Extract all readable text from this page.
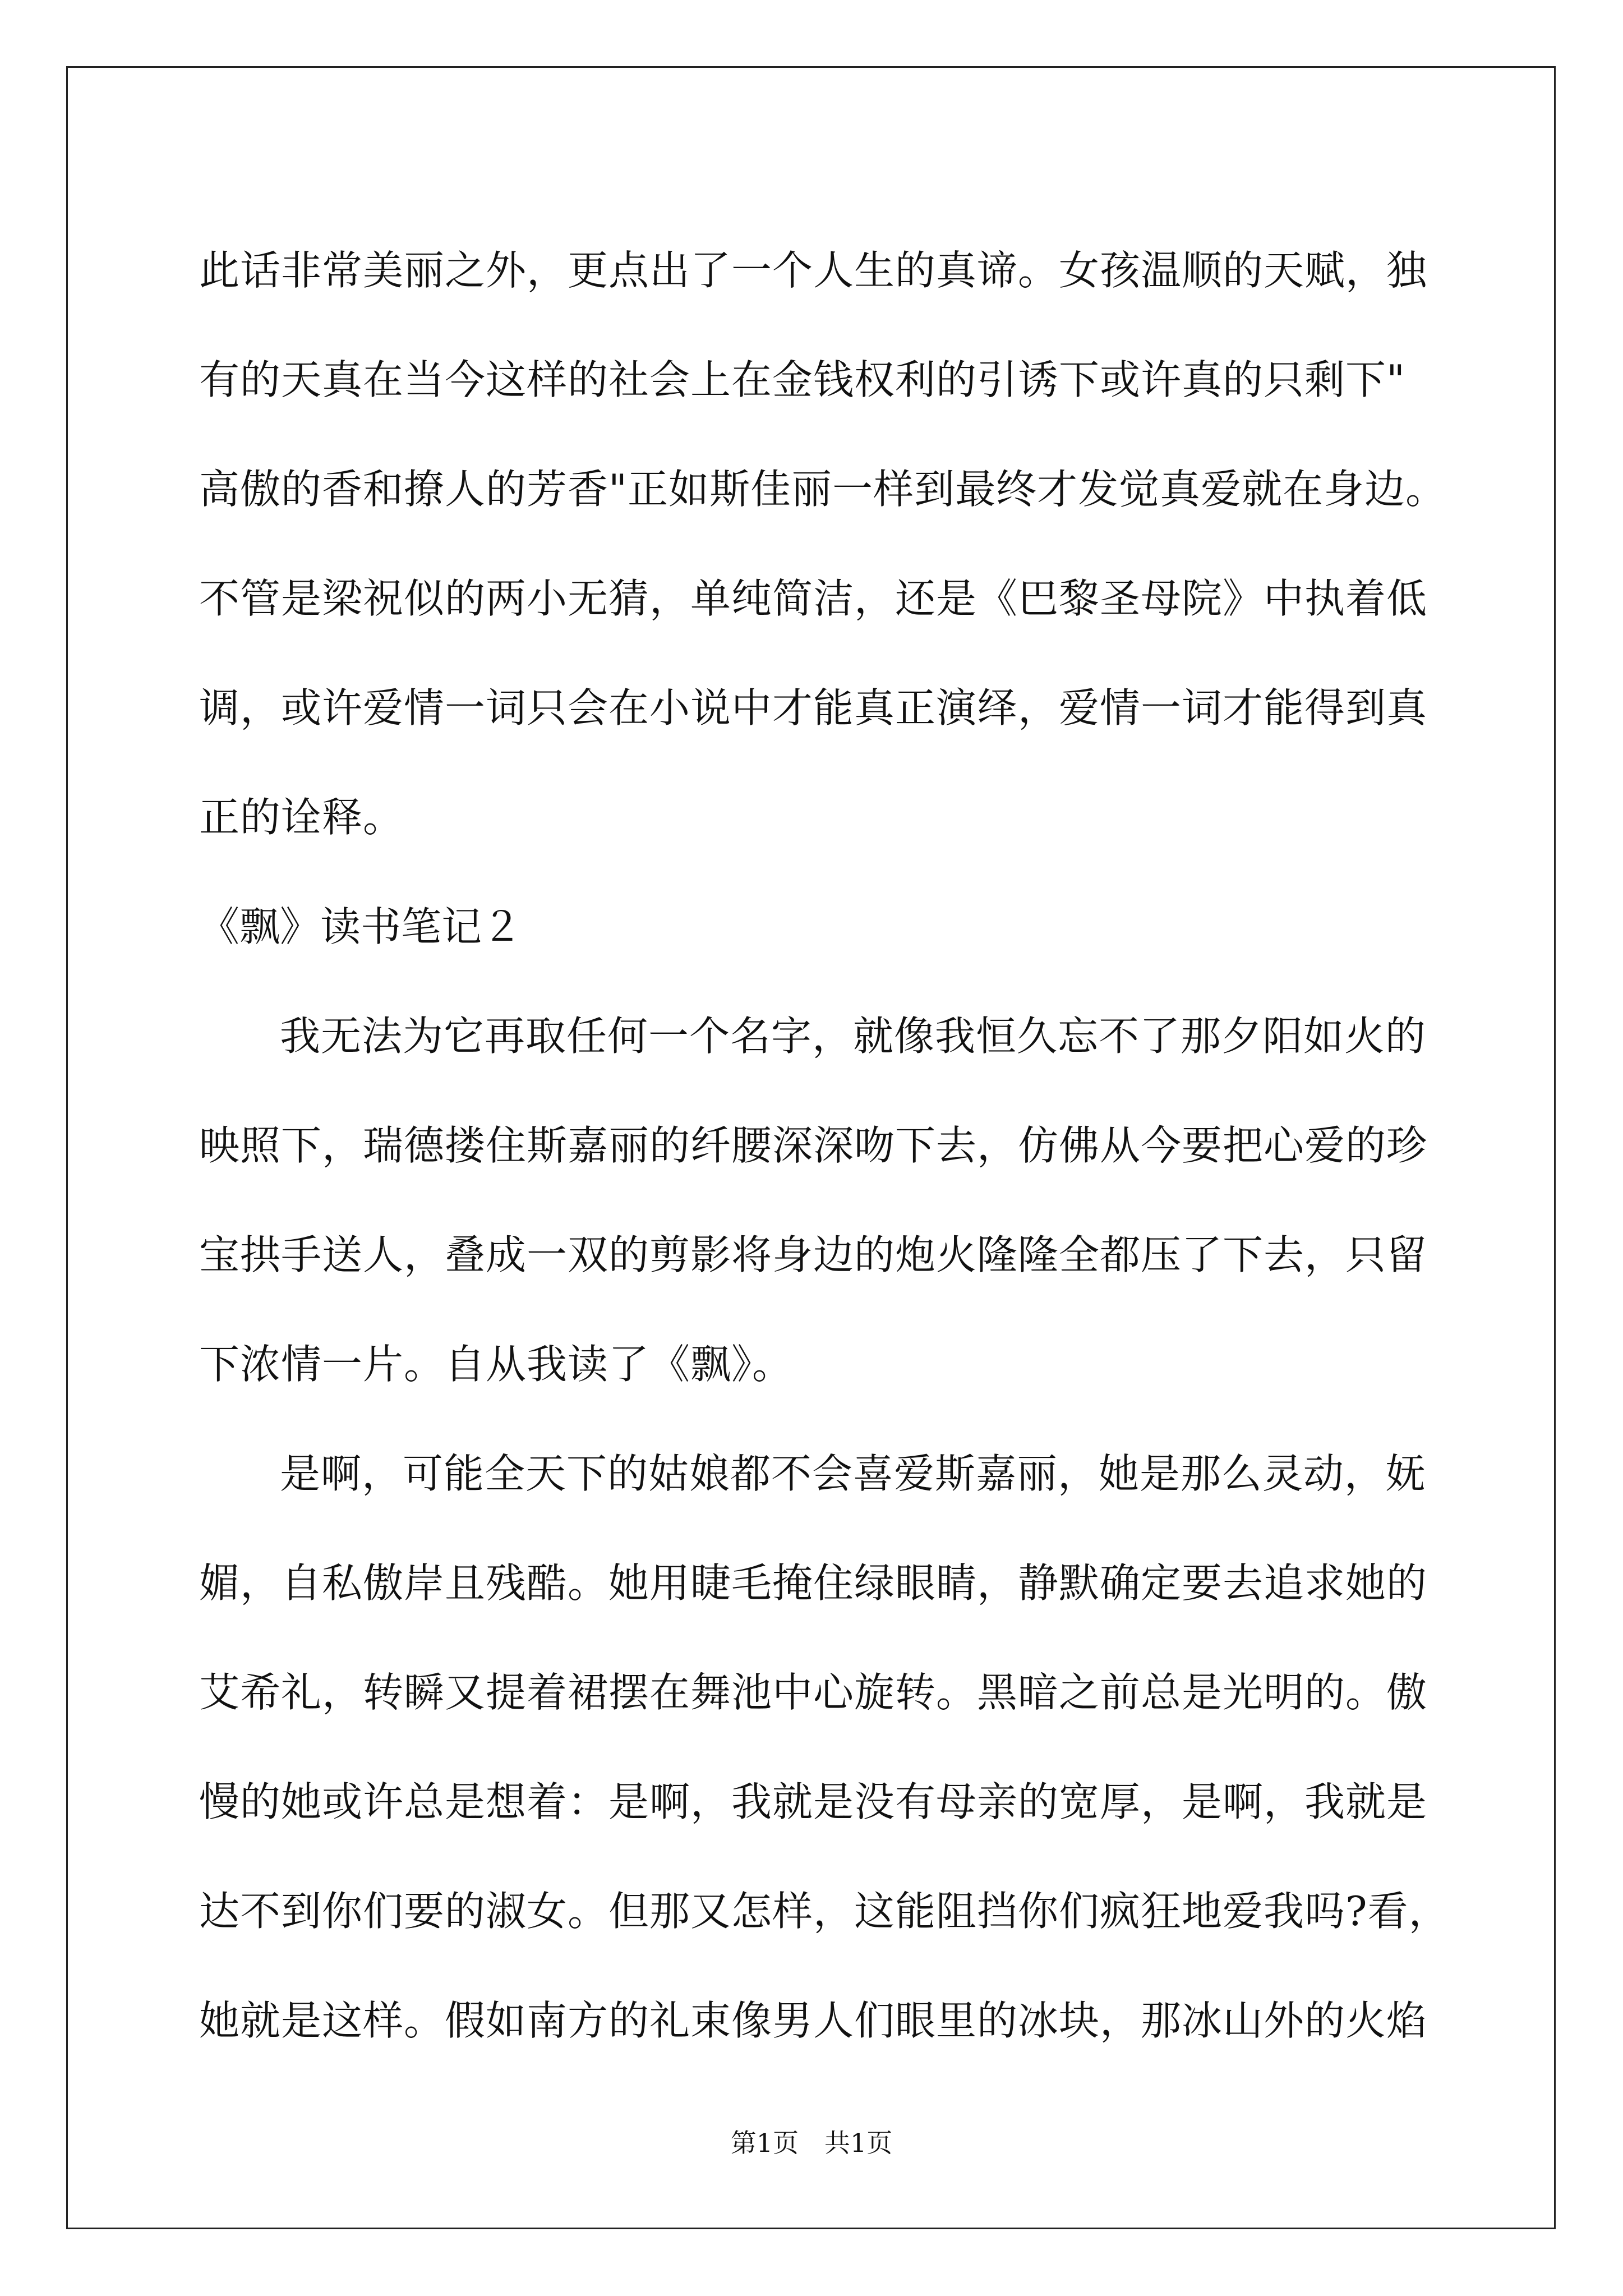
此话非常美丽之外，更点出了一个人生的真谛。女孩温顺的天赋，独
有的天真在当今这样的社会上在金钱权利的引诱下或许真的只剩下"
高傲的香和撩人的芳香"正如斯佳丽一样到最终才发觉真爱就在身边。
不管是梁祝似的两小无猜，单纯简洁，还是《巴黎圣母院》中执着低
调，或许爱情一词只会在小说中才能真正演绎，爱情一词才能得到真
正的诠释。
《飘》读书笔记２
我无法为它再取任何一个名字，就像我恒久忘不了那夕阳如火的
映照下，瑞德搂住斯嘉丽的纤腰深深吻下去，仿佛从今要把心爱的珍
宝拱手送人，叠成一双的剪影将身边的炮火隆隆全都压了下去，只留
下浓情一片。自从我读了《飘》。
是啊，可能全天下的姑娘都不会喜爱斯嘉丽，她是那么灵动，妩
媚，自私傲岸且残酷。她用睫毛掩住绿眼睛，静默确定要去追求她的
艾希礼，转瞬又提着裙摆在舞池中心旋转。黑暗之前总是光明的。傲
慢的她或许总是想着：是啊，我就是没有母亲的宽厚，是啊，我就是
达不到你们要的淑女。但那又怎样，这能阻挡你们疯狂地爱我吗?看，
她就是这样。假如南方的礼束像男人们眼里的冰块，那冰山外的火焰
第1页　共1页
